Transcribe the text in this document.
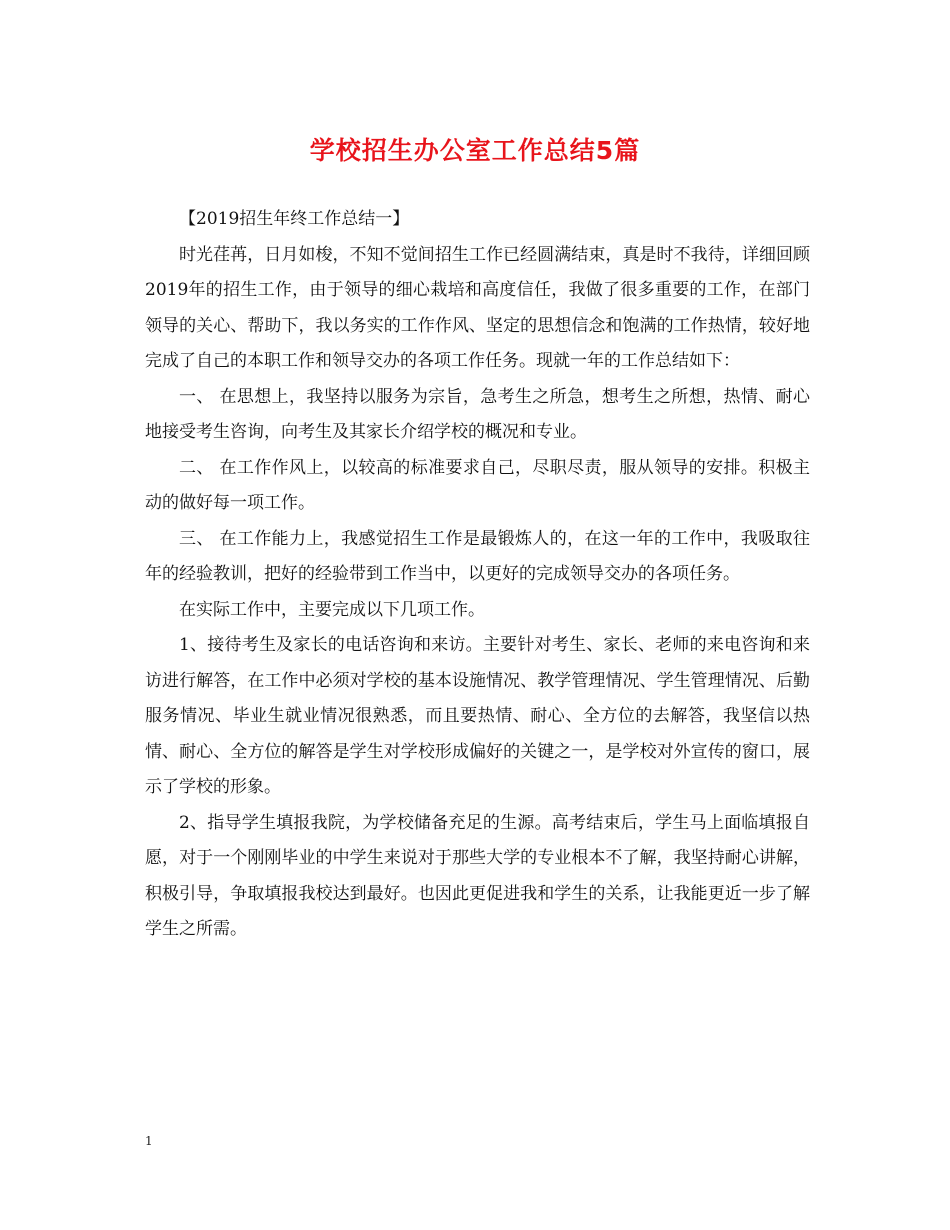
学校招生办公室工作总结5篇

【2019招生年终工作总结一】

时光荏苒，日月如梭，不知不觉间招生工作已经圆满结束，真是时不我待，详细回顾2019年的招生工作，由于领导的细心栽培和高度信任，我做了很多重要的工作，在部门领导的关心、帮助下，我以务实的工作作风、坚定的思想信念和饱满的工作热情，较好地完成了自己的本职工作和领导交办的各项工作任务。现就一年的工作总结如下：

一、 在思想上，我坚持以服务为宗旨，急考生之所急，想考生之所想，热情、耐心地接受考生咨询，向考生及其家长介绍学校的概况和专业。

二、 在工作作风上，以较高的标准要求自己，尽职尽责，服从领导的安排。积极主动的做好每一项工作。

三、 在工作能力上，我感觉招生工作是最锻炼人的，在这一年的工作中，我吸取往年的经验教训，把好的经验带到工作当中，以更好的完成领导交办的各项任务。

在实际工作中，主要完成以下几项工作。

1、接待考生及家长的电话咨询和来访。主要针对考生、家长、老师的来电咨询和来访进行解答，在工作中必须对学校的基本设施情况、教学管理情况、学生管理情况、后勤服务情况、毕业生就业情况很熟悉，而且要热情、耐心、全方位的去解答，我坚信以热情、耐心、全方位的解答是学生对学校形成偏好的关键之一，是学校对外宣传的窗口，展示了学校的形象。

2、指导学生填报我院，为学校储备充足的生源。高考结束后，学生马上面临填报自愿，对于一个刚刚毕业的中学生来说对于那些大学的专业根本不了解，我坚持耐心讲解，积极引导，争取填报我校达到最好。也因此更促进我和学生的关系，让我能更近一步了解学生之所需。

1
